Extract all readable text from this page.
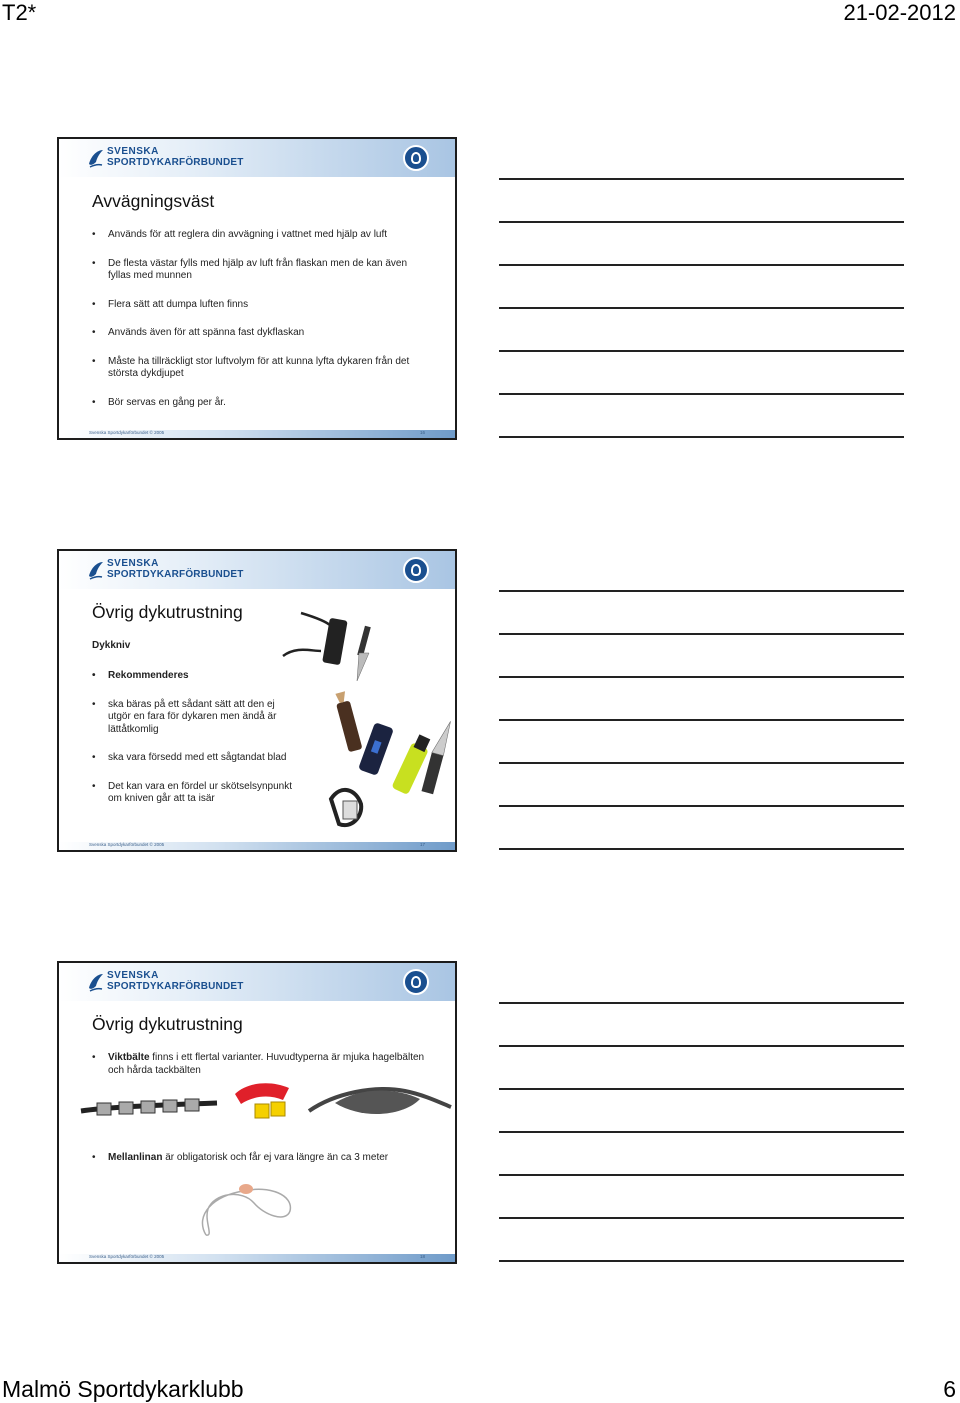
T2*	21-02-2012
SVENSKA
SPORTDYKARFÖRBUNDET
Avvägningsväst
• Används för att reglera din avvägning i vattnet med hjälp av luft
• De flesta västar fylls med hjälp av luft från flaskan men de kan även fyllas med munnen
• Flera sätt att dumpa luften finns
• Används även för att spänna fast dykflaskan
• Måste ha tillräckligt stor luftvolym för att kunna lyfta dykaren från det största dykdjupet
• Bör servas en gång per år.
Svenska Sportdykarförbundet © 2005	16
SVENSKA
SPORTDYKARFÖRBUNDET
Övrig dykutrustning
Dykkniv
• Rekommenderes
• ska bäras på ett sådant sätt att den ej utgör en fara för dykaren men ändå är lättåtkomlig
• ska vara försedd med ett sågtandat blad
• Det kan vara en fördel ur skötselsynpunkt om kniven går att ta isär
Svenska Sportdykarförbundet © 2005	17
SVENSKA
SPORTDYKARFÖRBUNDET
Övrig dykutrustning
• Viktbälte finns i ett flertal varianter. Huvudtyperna är mjuka hagelbälten och hårda tackbälten
• Mellanlinan är obligatorisk och får ej vara längre än ca 3 meter
Svenska Sportdykarförbundet © 2005	18
Malmö Sportdykarklubb	6
